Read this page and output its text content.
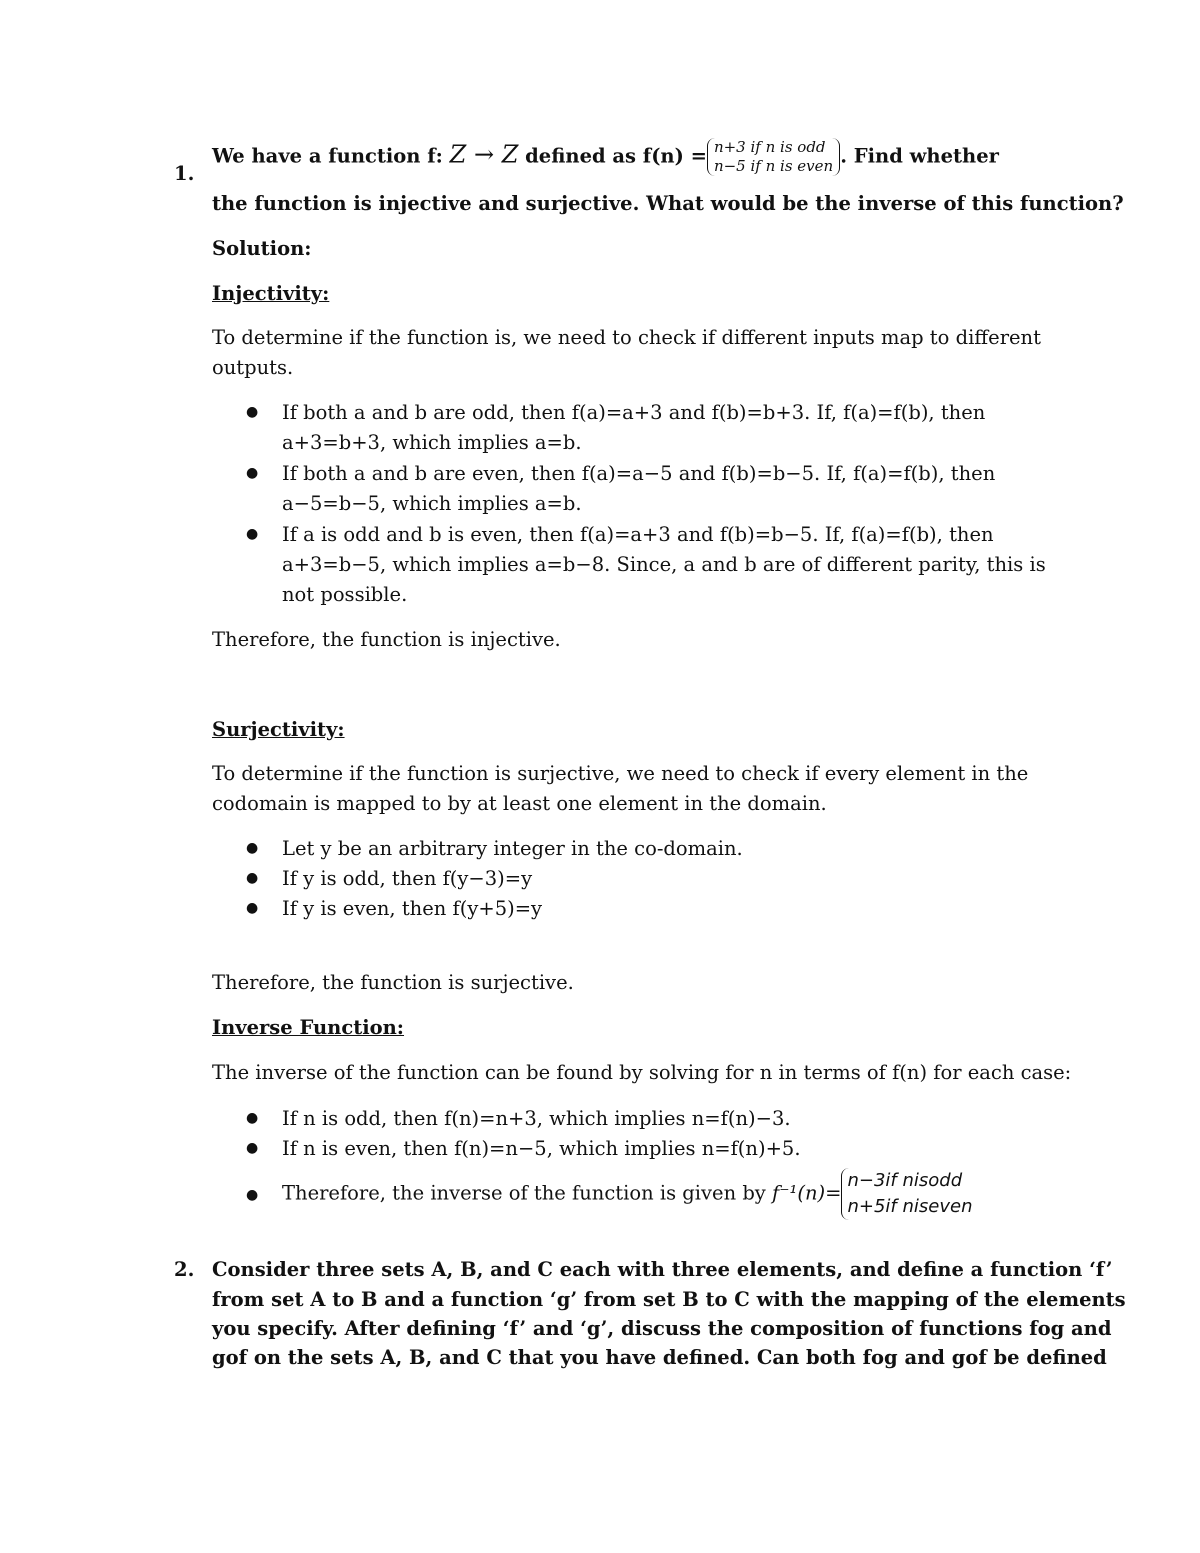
1.
We have a function f: Z → Z defined as f(n) = n+3 if n is odd
n−5 if n is even . Find whether
the function is injective and surjective. What would be the inverse of this function?
Solution:
Injectivity:
To determine if the function is, we need to check if different inputs map to different
outputs.
● If both a and b are odd, then f(a)=a+3 and f(b)=b+3. If, f(a)=f(b), then
a+3=b+3, which implies a=b.
● If both a and b are even, then f(a)=a−5 and f(b)=b−5. If, f(a)=f(b), then
a−5=b−5, which implies a=b.
● If a is odd and b is even, then f(a)=a+3 and f(b)=b−5. If, f(a)=f(b), then
a+3=b−5, which implies a=b−8. Since, a and b are of different parity, this is
not possible.
Therefore, the function is injective.
Surjectivity:
To determine if the function is surjective, we need to check if every element in the
codomain is mapped to by at least one element in the domain.
● Let y be an arbitrary integer in the co-domain.
● If y is odd, then f(y−3)=y
● If y is even, then f(y+5)=y
Therefore, the function is surjective.
Inverse Function:
The inverse of the function can be found by solving for n in terms of f(n) for each case:
● If n is odd, then f(n)=n+3, which implies n=f(n)−3.
● If n is even, then f(n)=n−5, which implies n=f(n)+5.
● Therefore, the inverse of the function is given by f⁻¹(n)=
n−3if nisodd
n+5if niseven
2. Consider three sets A, B, and C each with three elements, and define a function ‘f’
from set A to B and a function ‘g’ from set B to C with the mapping of the elements
you specify. After defining ‘f’ and ‘g’, discuss the composition of functions fog and
gof on the sets A, B, and C that you have defined. Can both fog and gof be defined
